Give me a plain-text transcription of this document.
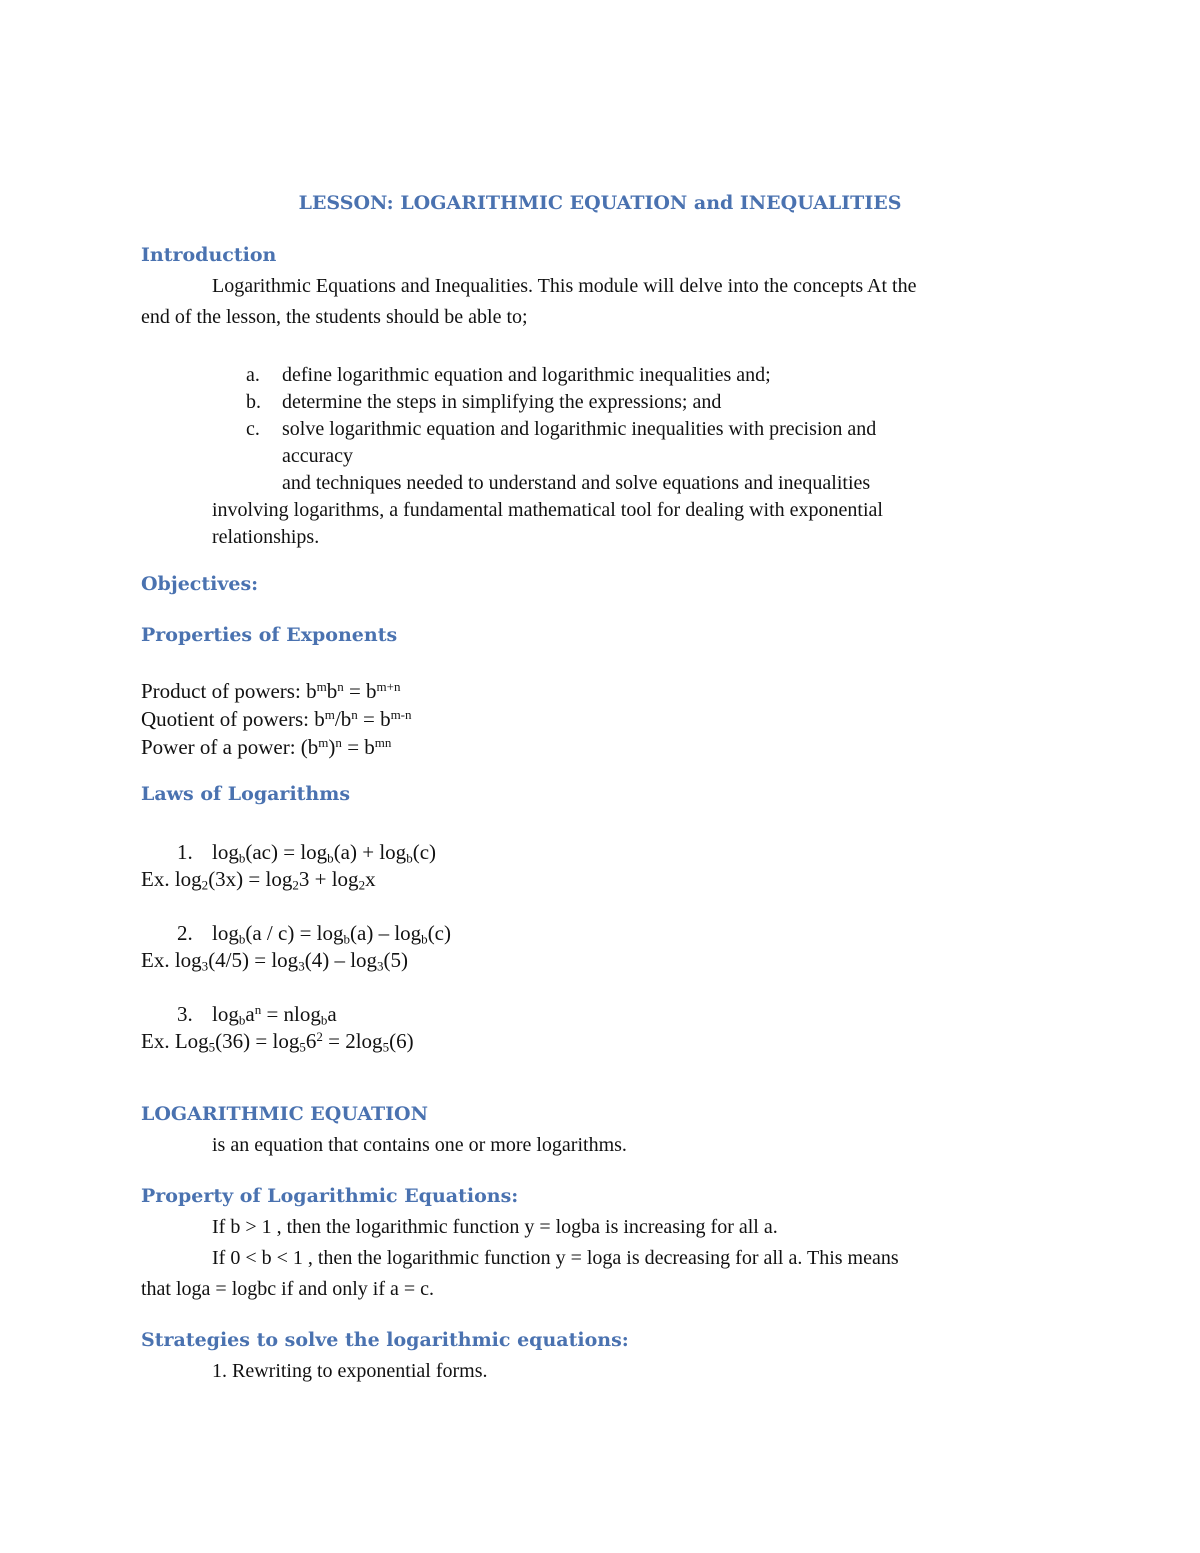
LESSON: LOGARITHMIC EQUATION and INEQUALITIES
Introduction
Logarithmic Equations and Inequalities. This module will delve into the concepts At the
end of the lesson, the students should be able to;
a. define logarithmic equation and logarithmic inequalities and;
b. determine the steps in simplifying the expressions; and
c. solve logarithmic equation and logarithmic inequalities with precision and
accuracy
and techniques needed to understand and solve equations and inequalities
involving logarithms, a fundamental mathematical tool for dealing with exponential
relationships.
Objectives:
Properties of Exponents
Product of powers: $b^mb^n = b^{m+n}$
Quotient of powers: $b^m/b^n = b^{m-n}$
Power of a power: $(b^m)^n = b^{mn}$
Laws of Logarithms
1. $\log_b(ac) = \log_b(a) + \log_b(c)$
Ex. $\log_2(3x) = \log_23 + \log_2x$
2. $\log_b(a / c) = \log_b(a) - \log_b(c)$
Ex. $\log_3(4/5) = \log_3(4) - \log_3(5)$
3. $\log_ba^n = nlog_ba$
Ex. $Log_5(36) = \log_56^2 = 2\log_5(6)$
LOGARITHMIC EQUATION
is an equation that contains one or more logarithms.
Property of Logarithmic Equations:
If b > 1 , then the logarithmic function y = logba is increasing for all a.
If 0 < b < 1 , then the logarithmic function y = loga is decreasing for all a. This means
that loga = logbc if and only if a = c.
Strategies to solve the logarithmic equations:
1. Rewriting to exponential forms.
